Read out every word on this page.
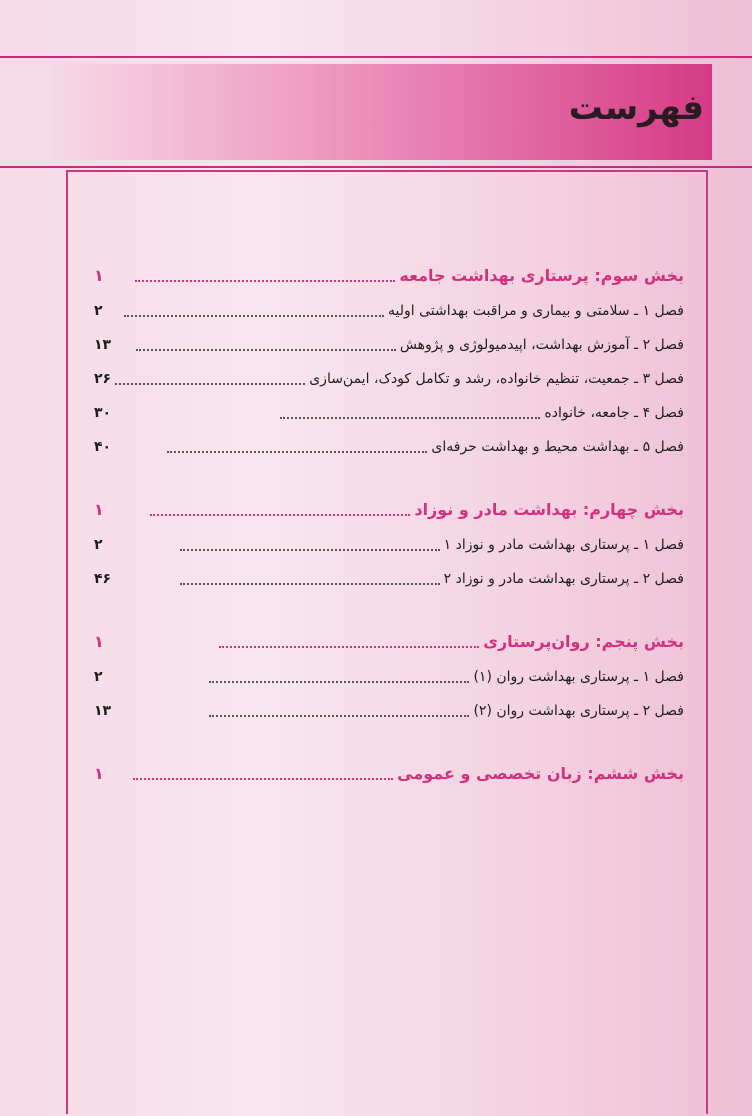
فهرست
بخش سوم: پرستاری بهداشت جامعه
۱
فصل ۱ ـ سلامتی و بیماری و مراقبت بهداشتی اولیه
۲
فصل ۲ ـ آموزش بهداشت، اپیدمیولوژی و پژوهش
۱۳
فصل ۳ ـ جمعیت، تنظیم خانواده، رشد و تکامل کودک، ایمن‌سازی
۲۶
فصل ۴ ـ جامعه، خانواده
۳۰
فصل ۵ ـ بهداشت محیط و بهداشت حرفه‌ای
۴۰
بخش چهارم: بهداشت مادر و نوزاد
۱
فصل ۱ ـ پرستاری بهداشت مادر و نوزاد ۱
۲
فصل ۲ ـ پرستاری بهداشت مادر و نوزاد ۲
۴۶
بخش پنجم: روان‌پرستاری
۱
فصل ۱ ـ پرستاری بهداشت روان (۱)
۲
فصل ۲ ـ پرستاری بهداشت روان (۲)
۱۳
بخش ششم: زبان تخصصی و عمومی
۱
